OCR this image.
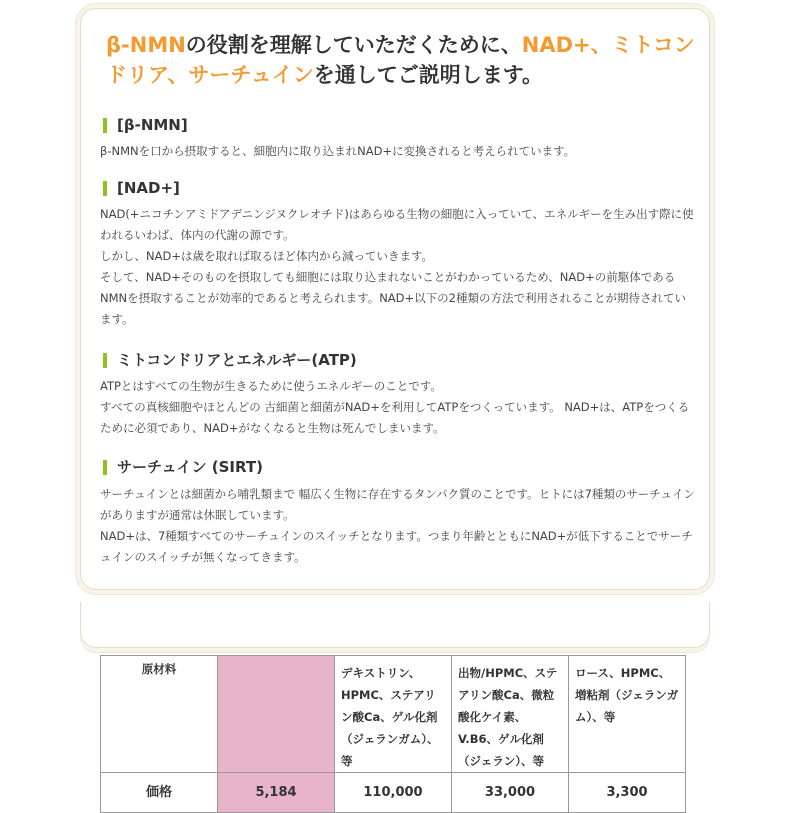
β-NMNの役割を理解していただくために、NAD+、ミトコンドリア、サーチュインを通してご説明します。
[β-NMN]

β-NMNを口から摂取すると、細胞内に取り込まれNAD+に変換されると考えられています。

[NAD+]

NAD(+ニコチンアミドアデニンジヌクレオチド)はあらゆる生物の細胞に入っていて、エネルギーを生み出す際に使われるいわば、体内の代謝の源です。

しかし、NAD+は歳を取れば取るほど体内から減っていきます。

そして、NAD+そのものを摂取しても細胞には取り込まれないことがわかっているため、NAD+の前駆体であるNMNを摂取することが効率的であると考えられます。NAD+以下の2種類の方法で利用されることが期待されています。

ミトコンドリアとエネルギー(ATP)

ATPとはすべての生物が生きるために使うエネルギーのことです。

すべての真核細胞やほとんどの 古細菌と細菌がNAD+を利用してATPをつくっています。 NAD+は、ATPをつくるために必須であり、NAD+がなくなると生物は死んでしまいます。

サーチュイン (SIRT)

サーチュインとは細菌から哺乳類まで 幅広く生物に存在するタンパク質のことです。ヒトには7種類のサーチュインがありますが通常は休眠しています。

NAD+は、7種類すべてのサーチュインのスイッチとなります。つまり年齢とともにNAD+が低下することでサーチュインのスイッチが無くなってきます。

原材料		デキストリン、HPMC、ステアリン酸Ca、ゲル化剤（ジェランガム）、等	出物/HPMC、ステアリン酸Ca、微粒酸化ケイ素、V.B6、ゲル化剤（ジェラン）、等	ロース、HPMC、増粘剤（ジェランガム）、等
価格	5,184	110,000	33,000	3,300
